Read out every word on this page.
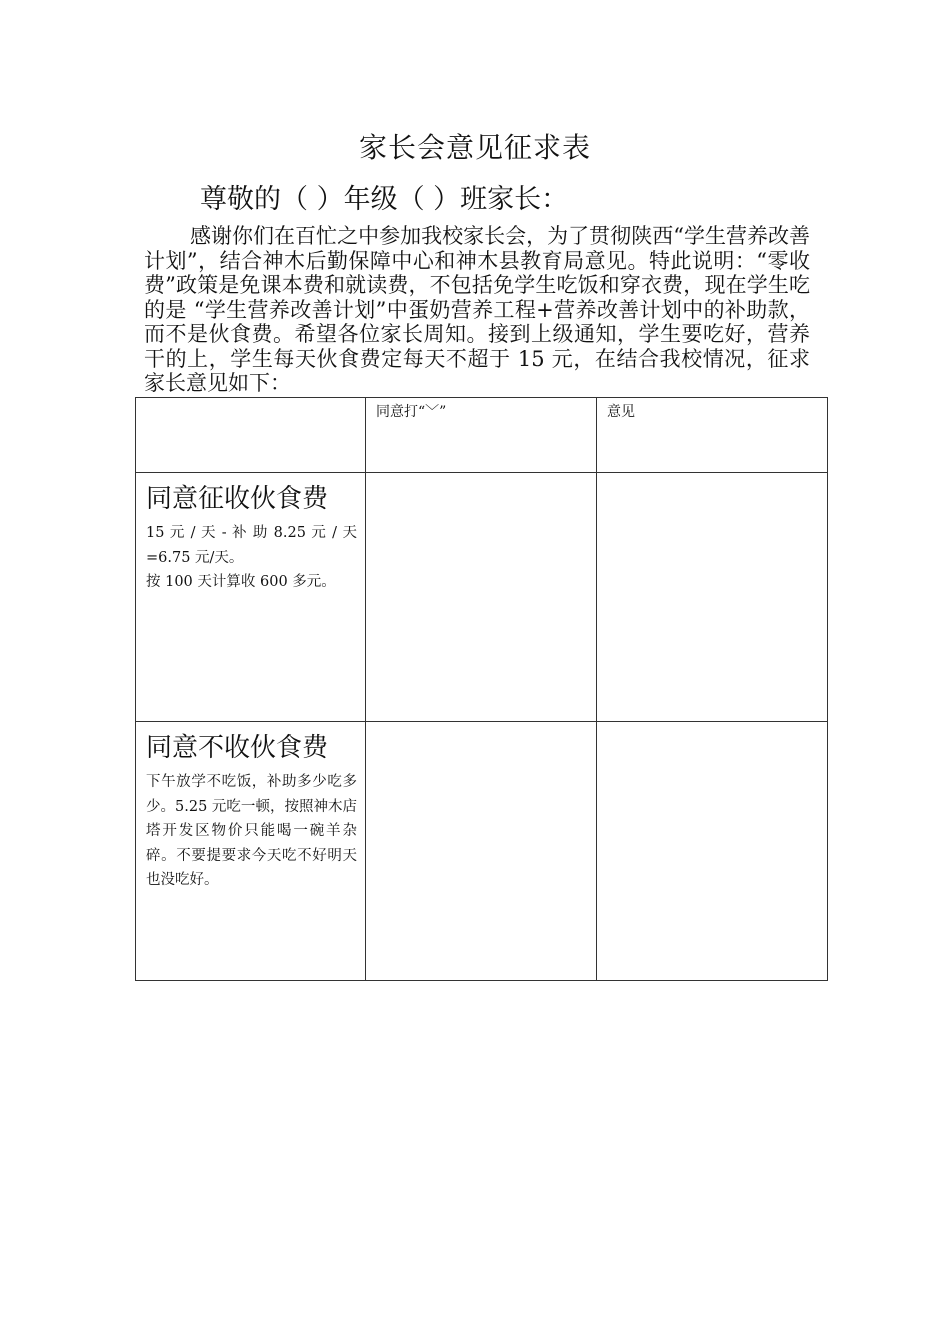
家长会意见征求表
尊敬的（ ）年级（ ）班家长：

感谢你们在百忙之中参加我校家长会，为了贯彻陕西“学生营养改善计划”，结合神木后勤保障中心和神木县教育局意见。特此说明：“零收费”政策是免课本费和就读费，不包括免学生吃饭和穿衣费，现在学生吃的是 “学生营养改善计划”中蛋奶营养工程+营养改善计划中的补助款，而不是伙食费。希望各位家长周知。接到上级通知，学生要吃好，营养干的上，学生每天伙食费定每天不超于 15 元，在结合我校情况，征求家长意见如下：

	同意打“﹀”	意见

同意征收伙食费
15 元 / 天 - 补 助 8.25 元 / 天 =6.75 元/天。
按 100 天计算收 600 多元。		

同意不收伙食费
下午放学不吃饭，补助多少吃多少。5.25 元吃一顿，按照神木店塔开发区物价只能喝一碗羊杂碎。不要提要求今天吃不好明天也没吃好。		
